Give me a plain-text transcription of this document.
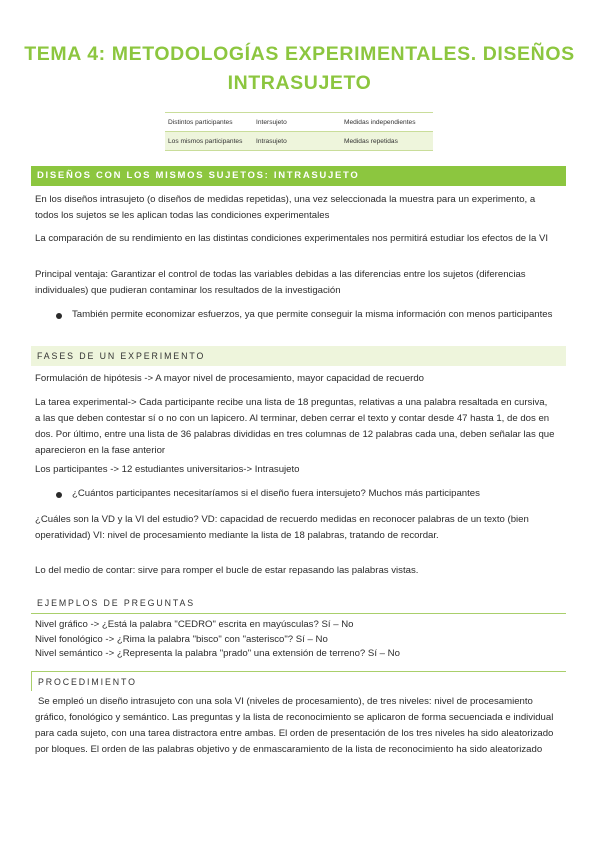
TEMA 4: METODOLOGÍAS EXPERIMENTALES. DISEÑOS INTRASUJETO
Distintos participantes	Intersujeto	Medidas independientes
Los mismos participantes	Intrasujeto	Medidas repetidas
DISEÑOS CON LOS MISMOS SUJETOS: INTRASUJETO
En los diseños intrasujeto (o diseños de medidas repetidas), una vez seleccionada la muestra para un experimento, a todos los sujetos se les aplican todas las condiciones experimentales
La comparación de su rendimiento en las distintas condiciones experimentales nos permitirá estudiar los efectos de la VI
Principal ventaja: Garantizar el control de todas las variables debidas a las diferencias entre los sujetos (diferencias individuales) que pudieran contaminar los resultados de la investigación
También permite economizar esfuerzos, ya que permite conseguir la misma información con menos participantes
FASES DE UN EXPERIMENTO
Formulación de hipótesis -> A mayor nivel de procesamiento, mayor capacidad de recuerdo
La tarea experimental-> Cada participante recibe una lista de 18 preguntas, relativas a una palabra resaltada en cursiva, a las que deben contestar sí o no con un lapicero. Al terminar, deben cerrar el texto y contar desde 47 hasta 1, de dos en dos. Por último, entre una lista de 36 palabras divididas en tres columnas de 12 palabras cada una, deben señalar las que aparecieron en la fase anterior
Los participantes -> 12 estudiantes universitarios-> Intrasujeto
¿Cuántos participantes necesitaríamos si el diseño fuera intersujeto? Muchos más participantes
¿Cuáles son la VD y la VI del estudio? VD: capacidad de recuerdo medidas en reconocer palabras de un texto (bien operatividad) VI: nivel de procesamiento mediante la lista de 18 palabras, tratando de recordar.
Lo del medio de contar: sirve para romper el bucle de estar repasando las palabras vistas.
EJEMPLOS DE PREGUNTAS
Nivel gráfico -> ¿Está la palabra "CEDRO" escrita en mayúsculas? Sí – No
Nivel fonológico -> ¿Rima la palabra "bisco" con "asterisco"? Sí – No
Nivel semántico -> ¿Representa la palabra "prado" una extensión de terreno? Sí – No
PROCEDIMIENTO
Se empleó un diseño intrasujeto con una sola VI (niveles de procesamiento), de tres niveles: nivel de procesamiento gráfico, fonológico y semántico. Las preguntas y la lista de reconocimiento se aplicaron de forma secuenciada e individual para cada sujeto, con una tarea distractora entre ambas. El orden de presentación de los tres niveles ha sido aleatorizado por bloques. El orden de las palabras objetivo y de enmascaramiento de la lista de reconocimiento ha sido aleatorizado
